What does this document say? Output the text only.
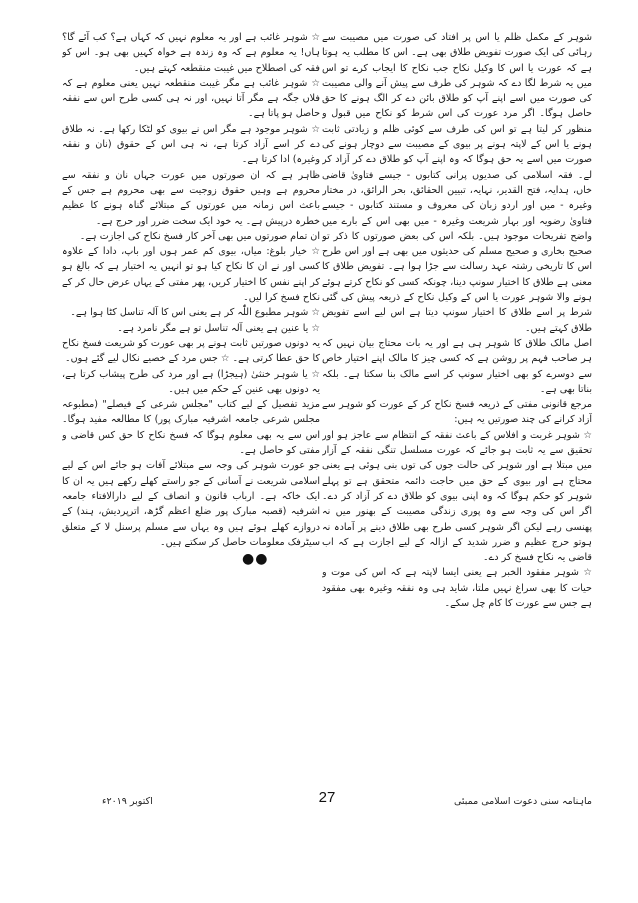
شوہر کے مکمل ظلم یا اس پر افتاد کی صورت میں مصیبت سے رہائی کی ایک صورت تفویض طلاق بھی ہے۔ اس کا مطلب یہ ہوتا ہے کہ عورت یا اس کا وکیل نکاح جب نکاح کا ایجاب کرے تو اس میں یہ شرط لگا دے کہ شوہر کی طرف سے پیش آنے والی مصیبت کی صورت میں اسے اپنے آپ کو طلاق بائن دے کر الگ ہونے کا حق حاصل ہوگا۔ اگر مرد عورت کی اس شرط کو نکاح میں قبول و منظور کر لیتا ہے تو اس کی طرف سے کوئی ظلم و زیادتی ثابت ہونے یا اس کے لاپتہ ہونے پر بیوی کے مصیبت سے دوچار ہونے کی صورت میں اسے یہ حق ہوگا کہ وہ اپنے آپ کو طلاق دے کر آزاد کر لے۔ فقہ اسلامی کی صدیوں پرانی کتابوں - جیسے فتاویٰ قاضی خاں، ہدایہ، فتح القدیر، نہایہ، تبیین الحقائق، بحر الرائق، در مختار وغیرہ - میں اور اردو زبان کی معروف و مستند کتابوں - جیسے فتاویٰ رضویہ اور بہار شریعت وغیرہ - میں بھی اس کے بارے میں واضح تفریحات موجود ہیں۔ بلکہ اس کی بعض صورتوں کا ذکر تو صحیح بخاری و صحیح مسلم کی حدیثوں میں بھی ہے اور اس طرح اس کا تاریخی رشتہ عہد رسالت سے جڑا ہوا ہے۔ تفویض طلاق کا معنی ہے طلاق کا اختیار سونپ دینا، چونکہ کسی کو نکاح کرتے ہوئے ہونے والا شوہر عورت یا اس کے وکیل نکاح کے ذریعہ پیش کی گئی شرط پر اسے طلاق کا اختیار سونپ دیتا ہے اس لیے اسے تفویض طلاق کہتے ہیں۔
اصل مالک طلاق کا شوہر ہی ہے اور یہ بات محتاج بیان نہیں کہ ہر صاحب فہم پر روشن ہے کہ کسی چیز کا مالک اپنے اختیار خاص سے دوسرے کو بھی اختیار سونپ کر اسے مالک بنا سکتا ہے۔ بلکہ بناتا بھی ہے۔
مرجع قانونی مفتی کے ذریعہ فسخ نکاح کر کے عورت کو شوہر سے آزاد کرانے کی چند صورتیں یہ ہیں:
☆ شوہر غربت و افلاس کے باعث نفقہ کے انتظام سے عاجز ہو اور تحقیق سے یہ ثابت ہو جائے کہ عورت مسلسل تنگی نفقہ کے آزار میں مبتلا ہے اور شوہر کی حالت جوں کی توں بنی ہوئی ہے یعنی محتاج ہے اور بیوی کے حق میں حاجت دائمہ متحقق ہے تو پہلے شوہر کو حکم ہوگا کہ وہ اپنی بیوی کو طلاق دے کر آزاد کر دے۔ اگر اس کی وجہ سے وہ پوری زندگی مصیبت کے بھنور میں نہ پھنسی رہے لیکن اگر شوہر کسی طرح بھی طلاق دینے پر آمادہ نہ ہوتو حرج عظیم و ضرر شدید کے ازالہ کے لیے اجازت ہے کہ اب قاضی یہ نکاح فسخ کر دے۔
☆ شوہر مفقود الخبر ہے یعنی ایسا لاپتہ ہے کہ اس کی موت و حیات کا بھی سراغ نہیں ملتا، شاید ہی وہ نفقہ وغیرہ بھی مفقود ہے جس سے عورت کا کام چل سکے۔

☆ شوہر غائب ہے اور یہ معلوم نہیں کہ کہاں ہے؟ کب آئے گا؟ ہاں! یہ معلوم ہے کہ وہ زندہ ہے خواہ کہیں بھی ہو۔ اس کو فقہ کی اصطلاح میں غیبت منقطعہ کہتے ہیں۔
☆ شوہر غائب ہے مگر غیبت منقطعہ نہیں یعنی معلوم ہے کہ فلاں جگہ ہے مگر آتا نہیں، اور نہ ہی کسی طرح اس سے نفقہ حاصل ہو پاتا ہے۔
☆ شوہر موجود ہے مگر اس نے بیوی کو لٹکا رکھا ہے۔ نہ طلاق دے کر اسے آزاد کرتا ہے، نہ ہی اس کے حقوق (نان و نفقہ وغیرہ) ادا کرتا ہے۔
ظاہر ہے کہ ان صورتوں میں عورت جہاں نان و نفقہ سے محروم ہے وہیں حقوق زوجیت سے بھی محروم ہے جس کے باعث اس زمانہ میں عورتوں کے مبتلائے گناہ ہونے کا عظیم خطرہ درپیش ہے۔ یہ خود ایک سخت ضرر اور حرج ہے۔
ان تمام صورتوں میں بھی آخر کار فسخ نکاح کی اجازت ہے۔
☆ خیار بلوغ: میاں، بیوی کم عمر ہوں اور باپ، دادا کے علاوہ کسی اور نے ان کا نکاح کیا ہو تو انہیں یہ اختیار ہے کہ بالغ ہو کر اپنے نفس کا اختیار کریں، پھر مفتی کے یہاں عرض حال کر کے نکاح فسخ کرا لیں۔
☆ شوہر مطبوع اللّٰہ کر ہے یعنی اس کا آلہ تناسل کٹا ہوا ہے۔
☆ یا عنین ہے یعنی آلہ تناسل تو ہے مگر نامرد ہے۔
یہ دونوں صورتیں ثابت ہونے پر بھی عورت کو شریعت فسخ نکاح کا حق عطا کرتی ہے۔ ☆ جس مرد کے خصیے نکال لیے گئے ہوں۔
☆ یا شوہر خنثیٰ (ہیجڑا) ہے اور مرد کی طرح پیشاب کرتا ہے، یہ دونوں بھی عنین کے حکم میں ہیں۔
مزید تفصیل کے لیے کتاب "مجلس شرعی کے فیصلے" (مطبوعہ مجلس شرعی جامعہ اشرفیہ مبارک پور) کا مطالعہ مفید ہوگا۔ اس سے یہ بھی معلوم ہوگا کہ فسخ نکاح کا حق کس قاضی و مفتی کو حاصل ہے۔
جو عورت شوہر کی وجہ سے مبتلائے آفات ہو جائے اس کے لیے اسلامی شریعت نے آسانی کے جو راستے کھلے رکھے ہیں یہ ان کا ایک خاکہ ہے۔ ارباب قانون و انصاف کے لیے دارالافتاء جامعہ اشرفیہ (قصبہ مبارک پور ضلع اعظم گڑھ، اترپردیش، ہند) کے دروازے کھلے ہوئے ہیں وہ یہاں سے مسلم پرسنل لا کے متعلق سیٹرفک معلومات حاصل کر سکتے ہیں۔

●●
ماہنامہ سنی دعوت اسلامی ممبئی
27
اکتوبر ۲۰۱۹ء
